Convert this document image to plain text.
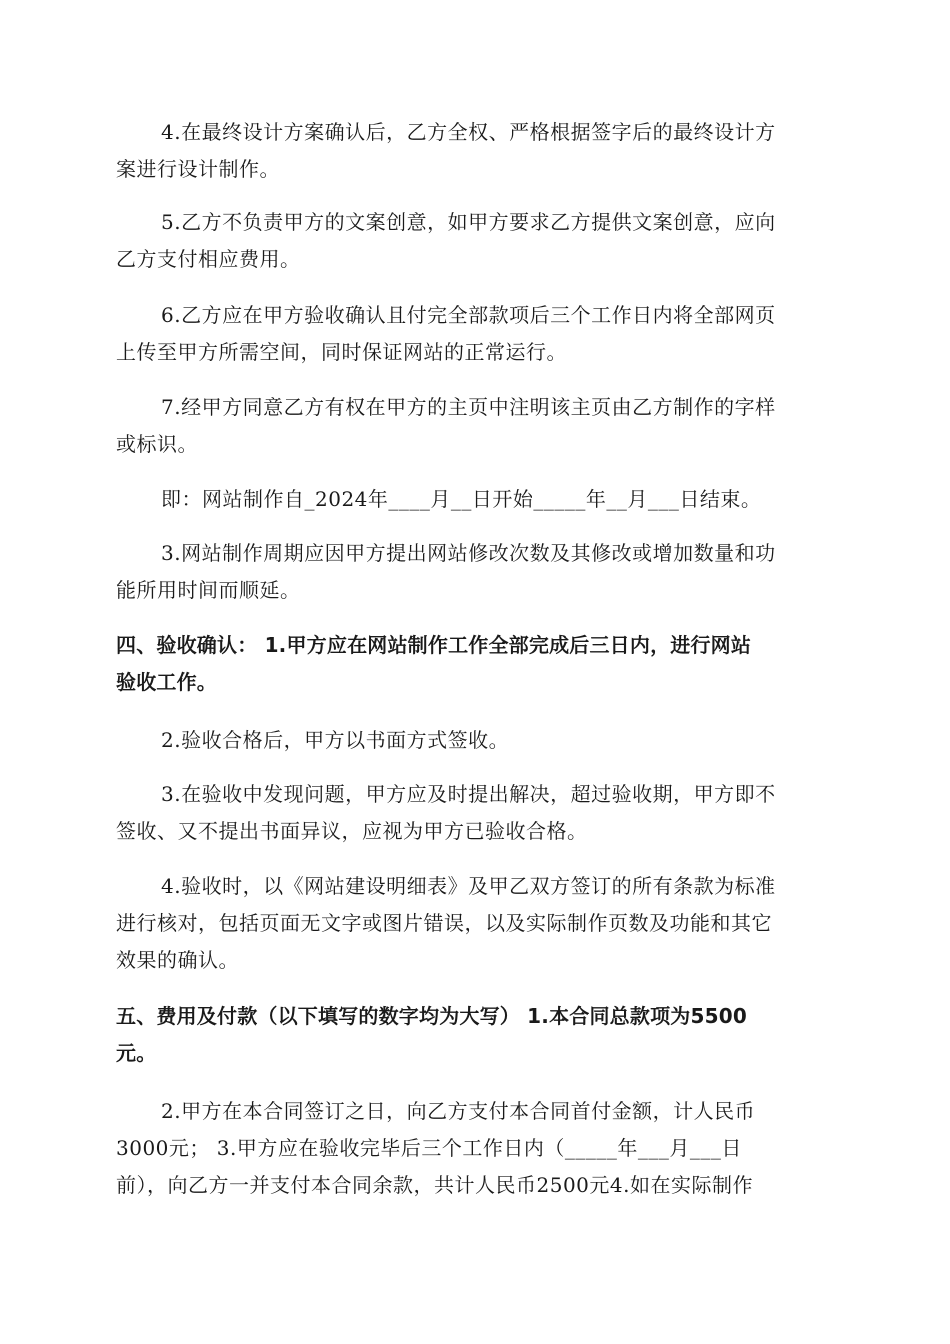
4.在最终设计方案确认后，乙方全权、严格根据签字后的最终设计方
案进行设计制作。
5.乙方不负责甲方的文案创意，如甲方要求乙方提供文案创意，应向
乙方支付相应费用。
6.乙方应在甲方验收确认且付完全部款项后三个工作日内将全部网页
上传至甲方所需空间，同时保证网站的正常运行。
7.经甲方同意乙方有权在甲方的主页中注明该主页由乙方制作的字样
或标识。
即：网站制作自_2024年____月__日开始_____年__月___日结束。
3.网站制作周期应因甲方提出网站修改次数及其修改或增加数量和功
能所用时间而顺延。
四、验收确认： 1.甲方应在网站制作工作全部完成后三日内，进行网站
验收工作。
2.验收合格后，甲方以书面方式签收。
3.在验收中发现问题，甲方应及时提出解决，超过验收期，甲方即不
签收、又不提出书面异议，应视为甲方已验收合格。
4.验收时，以《网站建设明细表》及甲乙双方签订的所有条款为标准
进行核对，包括页面无文字或图片错误，以及实际制作页数及功能和其它
效果的确认。
五、费用及付款（以下填写的数字均为大写） 1.本合同总款项为5500
元。
2.甲方在本合同签订之日，向乙方支付本合同首付金额，计人民币
3000元； 3.甲方应在验收完毕后三个工作日内（_____年___月___日
前），向乙方一并支付本合同余款，共计人民币2500元4.如在实际制作
